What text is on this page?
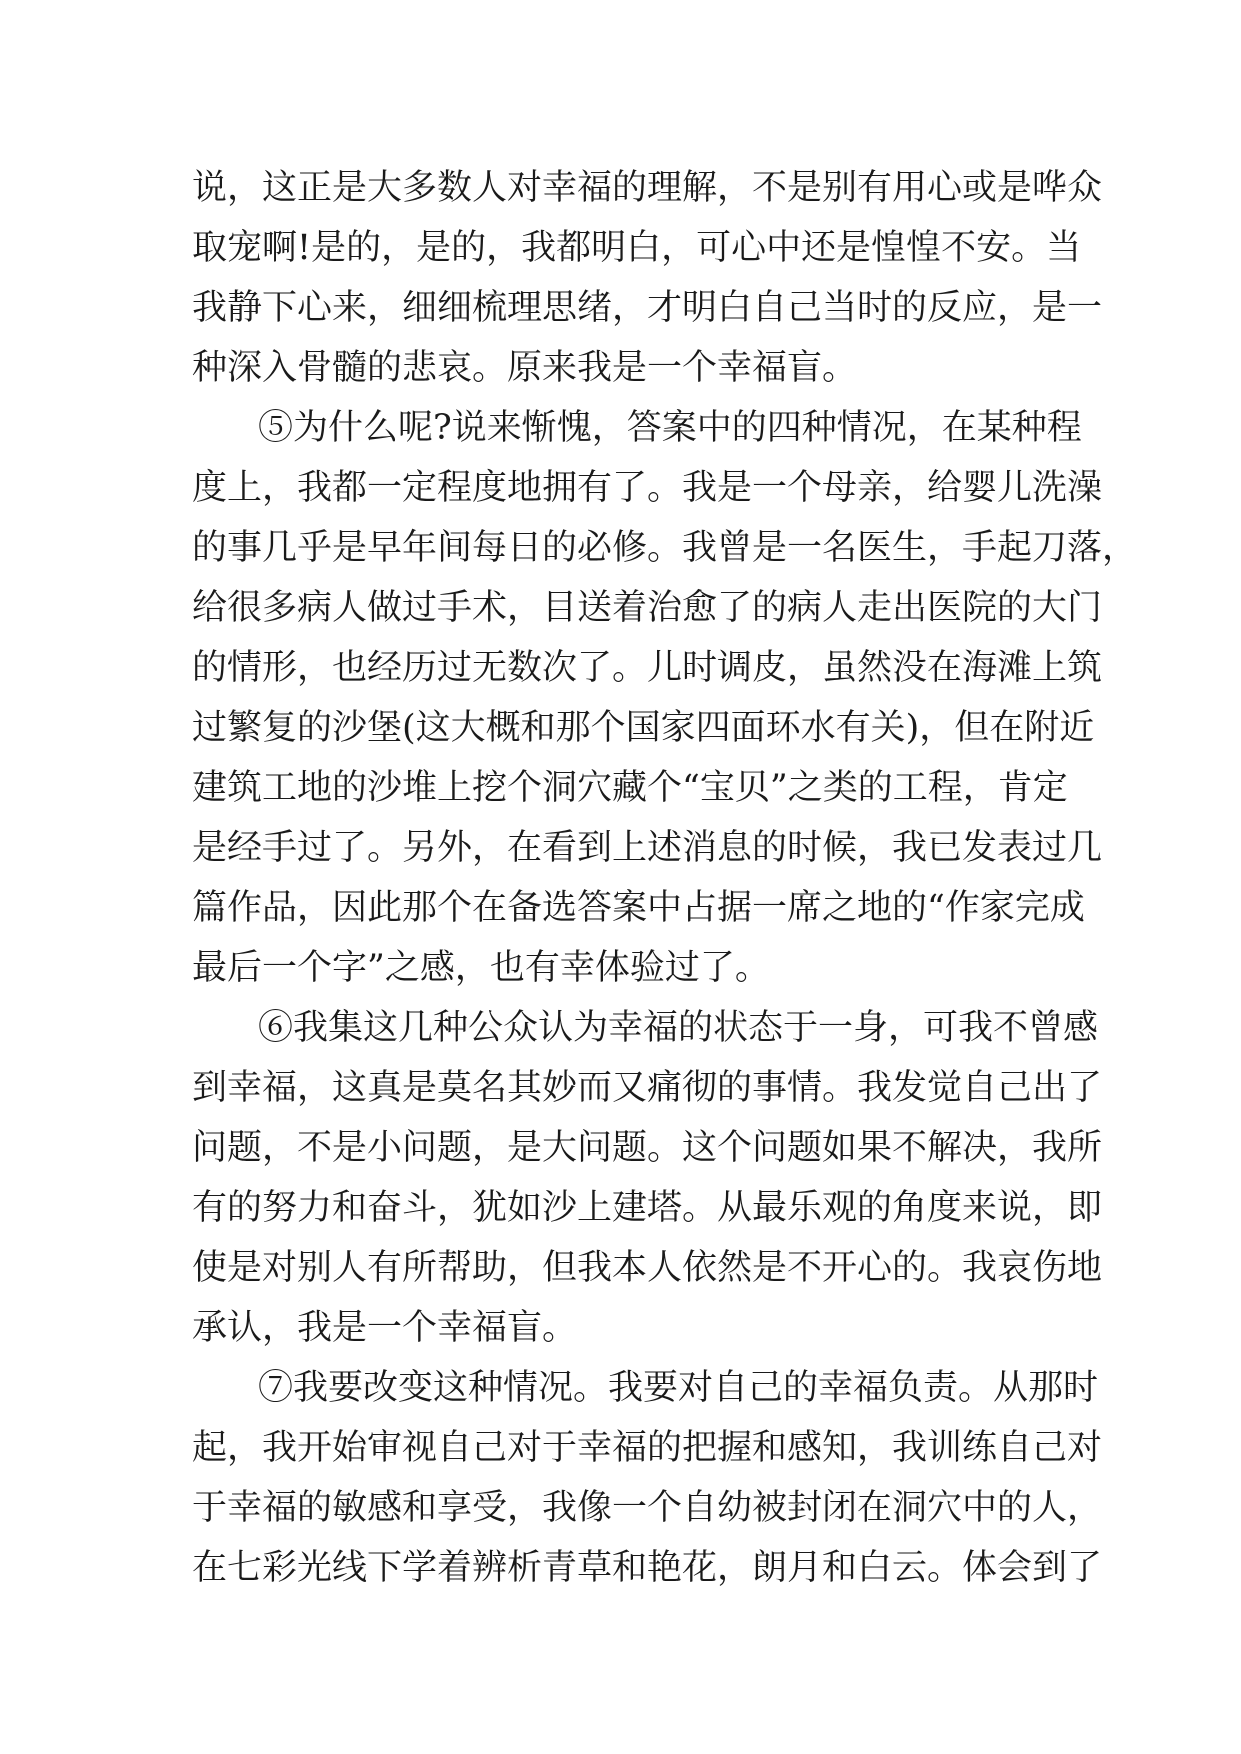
说，这正是大多数人对幸福的理解，不是别有用心或是哗众
取宠啊!是的，是的，我都明白，可心中还是惶惶不安。当
我静下心来，细细梳理思绪，才明白自己当时的反应，是一
种深入骨髓的悲哀。原来我是一个幸福盲。
⑤为什么呢?说来惭愧，答案中的四种情况，在某种程
度上，我都一定程度地拥有了。我是一个母亲，给婴儿洗澡
的事几乎是早年间每日的必修。我曾是一名医生，手起刀落，
给很多病人做过手术，目送着治愈了的病人走出医院的大门
的情形，也经历过无数次了。儿时调皮，虽然没在海滩上筑
过繁复的沙堡(这大概和那个国家四面环水有关)，但在附近
建筑工地的沙堆上挖个洞穴藏个“宝贝”之类的工程，肯定
是经手过了。另外，在看到上述消息的时候，我已发表过几
篇作品，因此那个在备选答案中占据一席之地的“作家完成
最后一个字”之感，也有幸体验过了。
⑥我集这几种公众认为幸福的状态于一身，可我不曾感
到幸福，这真是莫名其妙而又痛彻的事情。我发觉自己出了
问题，不是小问题，是大问题。这个问题如果不解决，我所
有的努力和奋斗，犹如沙上建塔。从最乐观的角度来说，即
使是对别人有所帮助，但我本人依然是不开心的。我哀伤地
承认，我是一个幸福盲。
⑦我要改变这种情况。我要对自己的幸福负责。从那时
起，我开始审视自己对于幸福的把握和感知，我训练自己对
于幸福的敏感和享受，我像一个自幼被封闭在洞穴中的人，
在七彩光线下学着辨析青草和艳花，朗月和白云。体会到了
